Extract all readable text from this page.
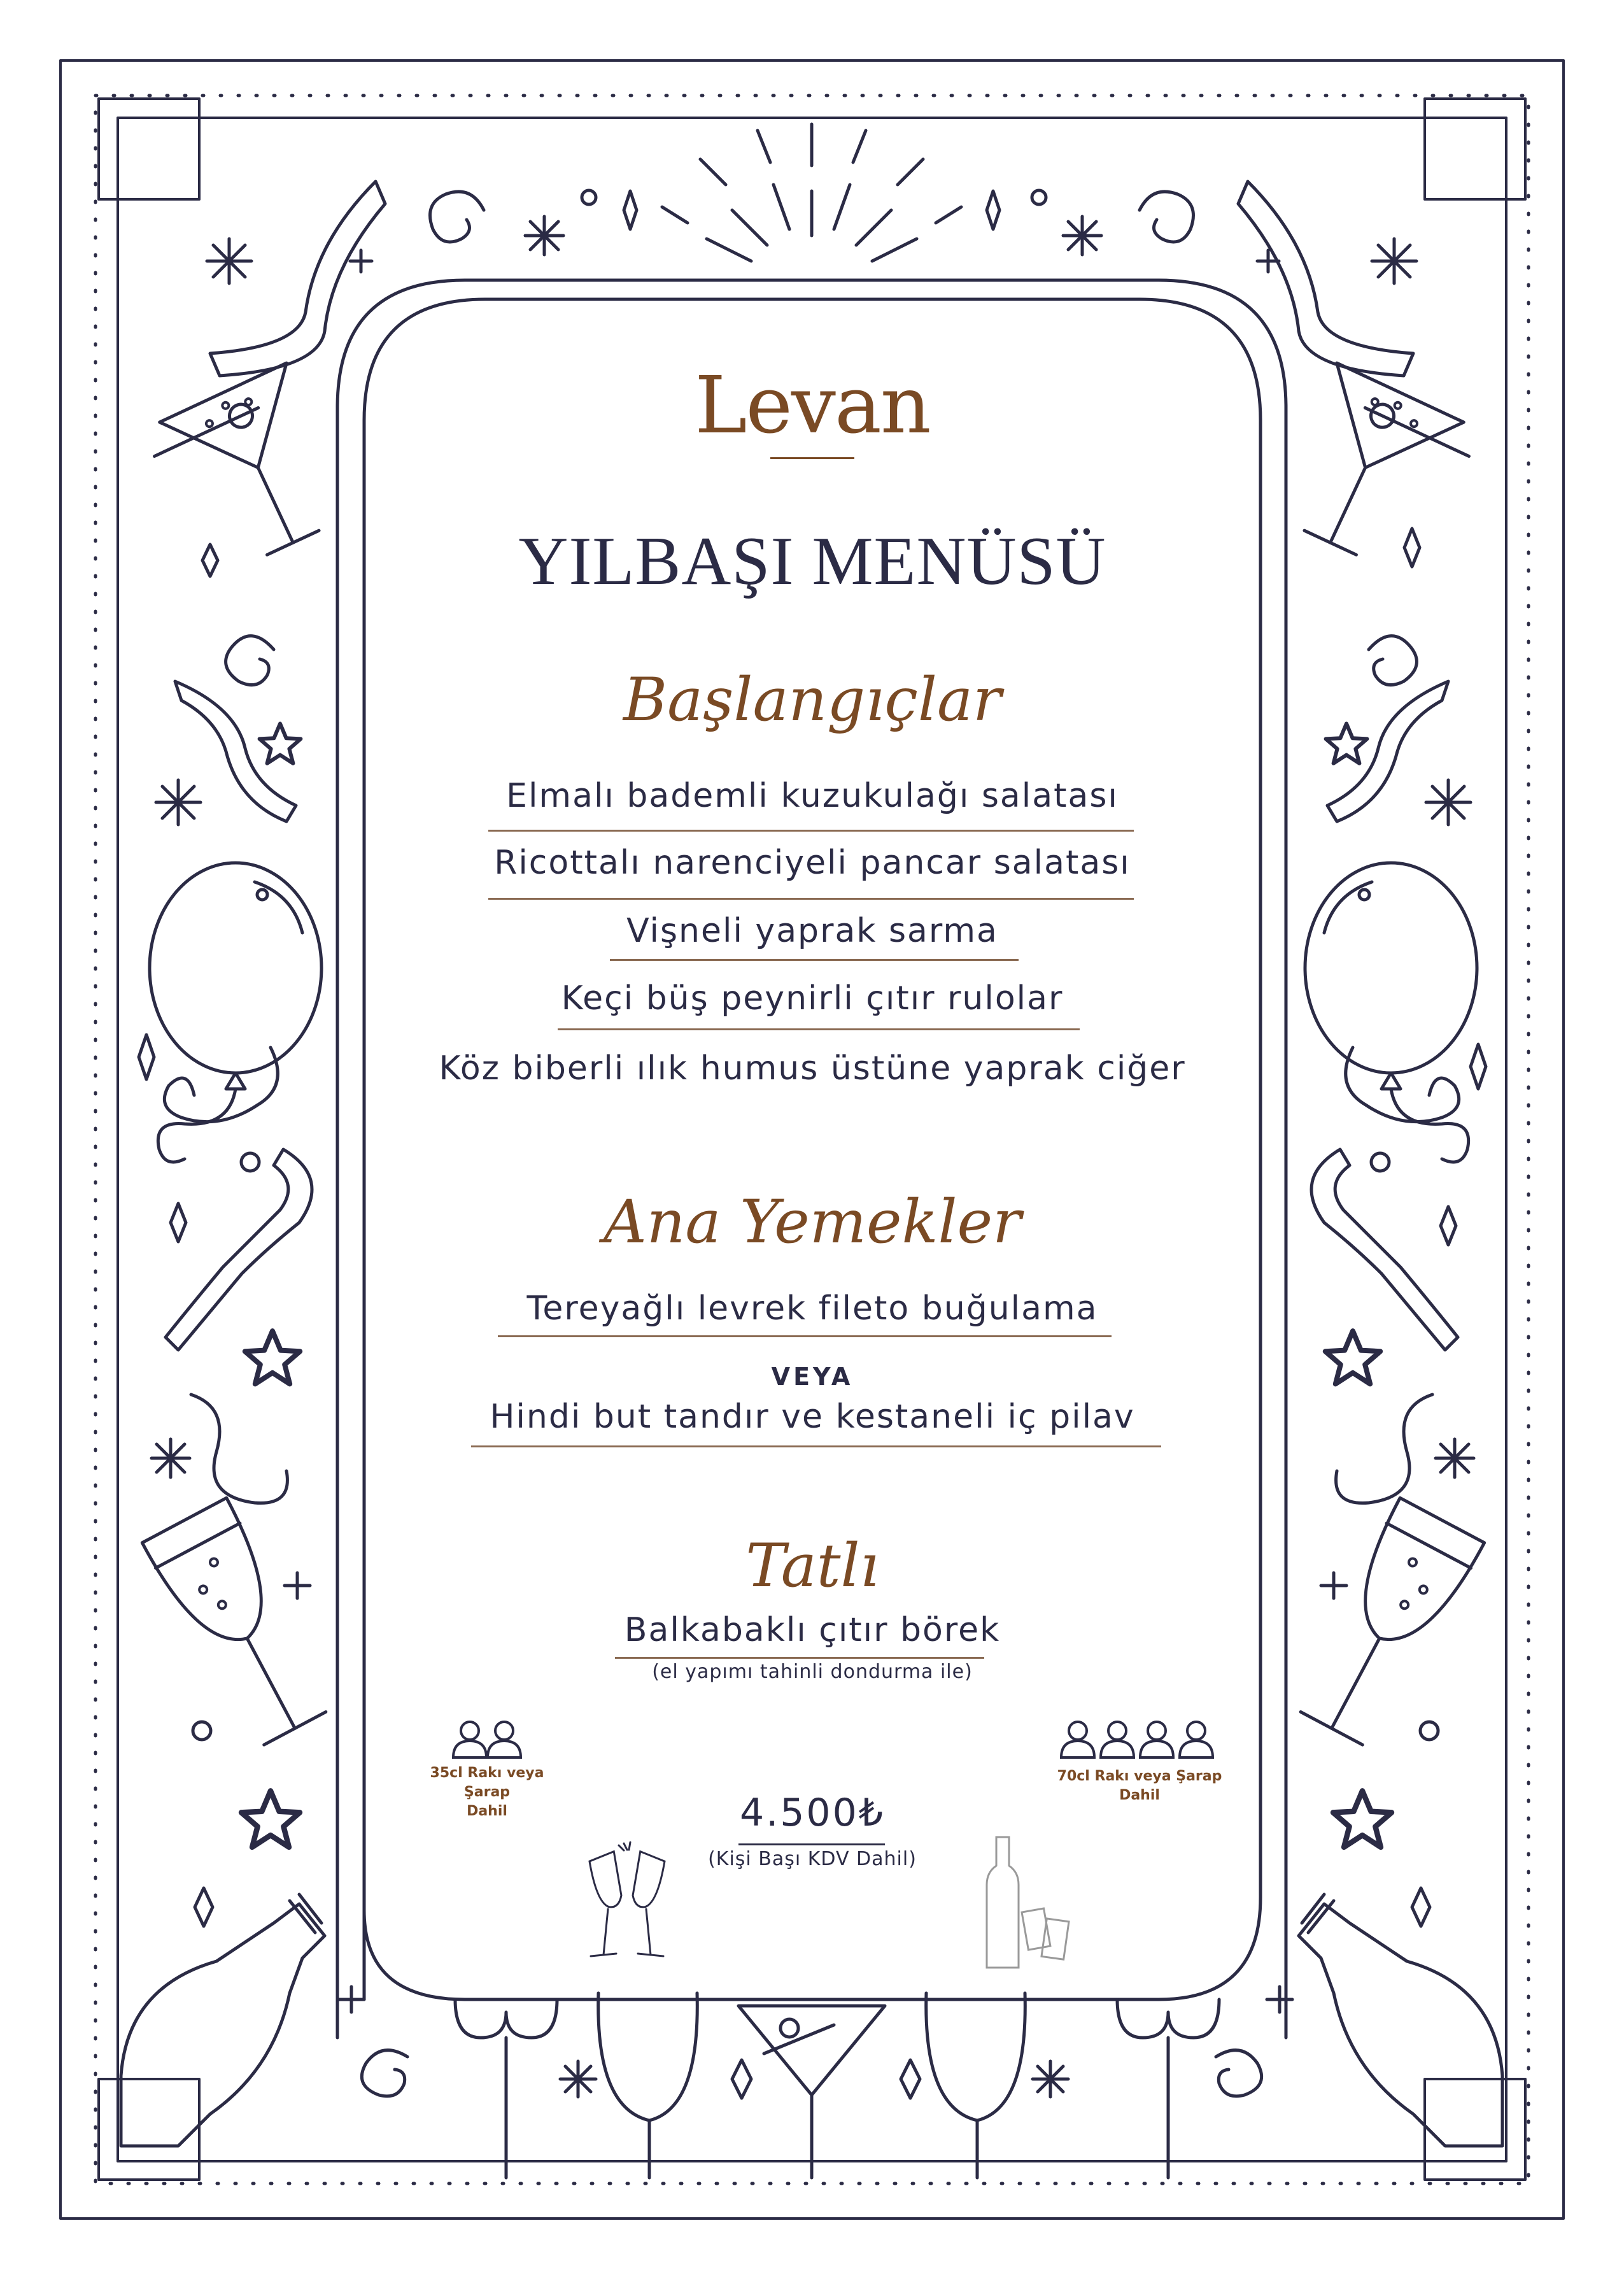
Levan
YILBAŞI MENÜSÜ
Başlangıçlar
Elmalı bademli kuzukulağı salatası
Ricottalı narenciyeli pancar salatası
Vişneli yaprak sarma
Keçi büş peynirli çıtır rulolar
Köz biberli ılık humus üstüne yaprak ciğer
Ana Yemekler
Tereyağlı levrek fileto buğulama
VEYA
Hindi but tandır ve kestaneli iç pilav
Tatlı
Balkabaklı çıtır börek
(el yapımı tahinli dondurma ile)
4.500₺
(Kişi Başı KDV Dahil)
35cl Rakı veya Şarap
Dahil
70cl Rakı veya Şarap
Dahil
